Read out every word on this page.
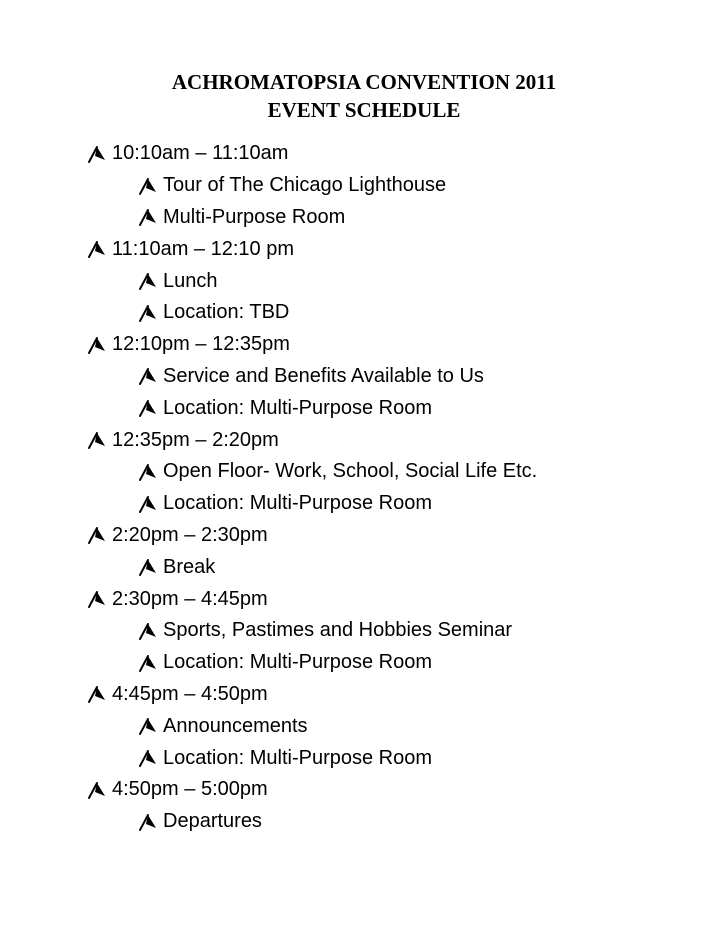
ACHROMATOPSIA CONVENTION 2011
EVENT SCHEDULE
10:10am – 11:10am
Tour of The Chicago Lighthouse
Multi-Purpose Room
11:10am – 12:10 pm
Lunch
Location: TBD
12:10pm – 12:35pm
Service and Benefits Available to Us
Location: Multi-Purpose Room
12:35pm – 2:20pm
Open Floor- Work, School, Social Life Etc.
Location: Multi-Purpose Room
2:20pm – 2:30pm
Break
2:30pm – 4:45pm
Sports, Pastimes and Hobbies Seminar
Location: Multi-Purpose Room
4:45pm – 4:50pm
Announcements
Location: Multi-Purpose Room
4:50pm – 5:00pm
Departures
